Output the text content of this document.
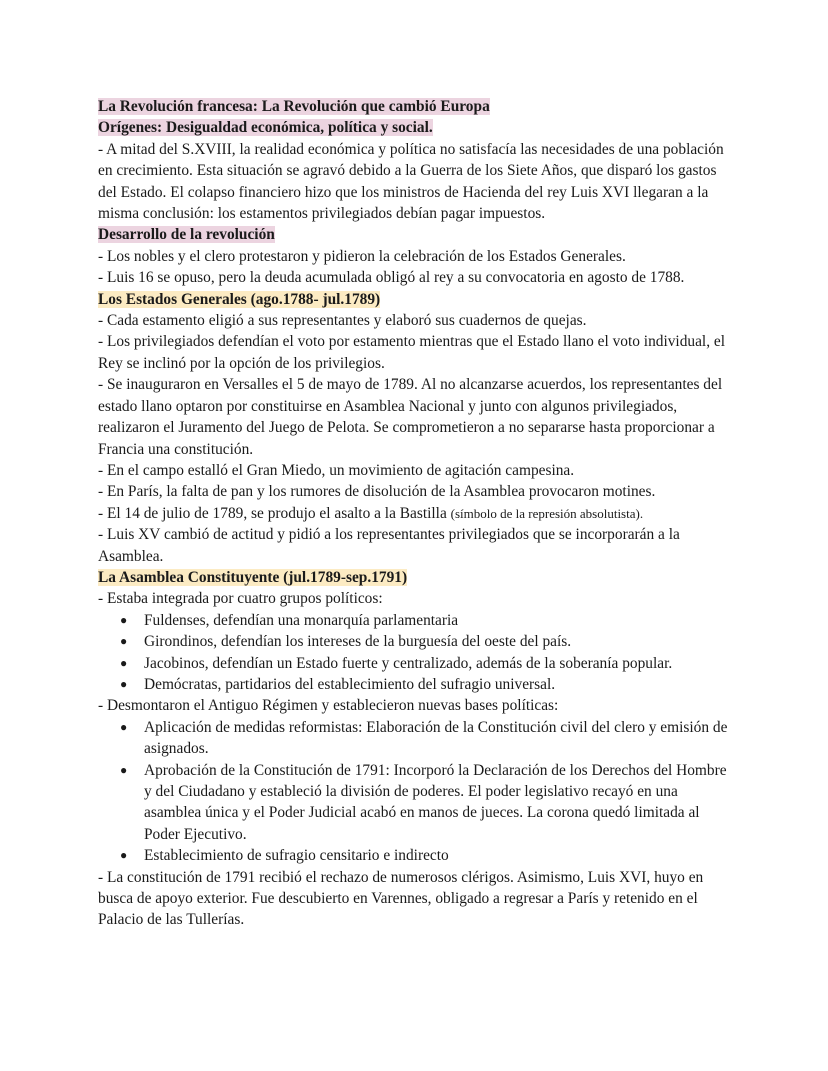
La Revolución francesa: La Revolución que cambió Europa

Orígenes: Desigualdad económica, política y social.

- A mitad del S.XVIII, la realidad económica y política no satisfacía las necesidades de una población en crecimiento. Esta situación se agravó debido a la Guerra de los Siete Años, que disparó los gastos del Estado. El colapso financiero hizo que los ministros de Hacienda del rey Luis XVI llegaran a la misma conclusión: los estamentos privilegiados debían pagar impuestos.

Desarrollo de la revolución

- Los nobles y el clero protestaron y pidieron la celebración de los Estados Generales.

- Luis 16 se opuso, pero la deuda acumulada obligó al rey a su convocatoria en agosto de 1788.

Los Estados Generales (ago.1788- jul.1789)

- Cada estamento eligió a sus representantes y elaboró sus cuadernos de quejas.

- Los privilegiados defendían el voto por estamento mientras que el Estado llano el voto individual, el Rey se inclinó por la opción de los privilegios.

- Se inauguraron en Versalles el 5 de mayo de 1789. Al no alcanzarse acuerdos, los representantes del estado llano optaron por constituirse en Asamblea Nacional y junto con algunos privilegiados, realizaron el Juramento del Juego de Pelota. Se comprometieron a no separarse hasta proporcionar a Francia una constitución.

- En el campo estalló el Gran Miedo, un movimiento de agitación campesina.

- En París, la falta de pan y los rumores de disolución de la Asamblea provocaron motines.

- El 14 de julio de 1789, se produjo el asalto a la Bastilla (símbolo de la represión absolutista).

- Luis XV cambió de actitud y pidió a los representantes privilegiados que se incorporarán a la Asamblea.

La Asamblea Constituyente (jul.1789-sep.1791)

- Estaba integrada por cuatro grupos políticos:

● Fuldenses, defendían una monarquía parlamentaria
● Girondinos, defendían los intereses de la burguesía del oeste del país.
● Jacobinos, defendían un Estado fuerte y centralizado, además de la soberanía popular.
● Demócratas, partidarios del establecimiento del sufragio universal.

- Desmontaron el Antiguo Régimen y establecieron nuevas bases políticas:

● Aplicación de medidas reformistas: Elaboración de la Constitución civil del clero y emisión de asignados.
● Aprobación de la Constitución de 1791: Incorporó la Declaración de los Derechos del Hombre y del Ciudadano y estableció la división de poderes. El poder legislativo recayó en una asamblea única y el Poder Judicial acabó en manos de jueces. La corona quedó limitada al Poder Ejecutivo.
● Establecimiento de sufragio censitario e indirecto

- La constitución de 1791 recibió el rechazo de numerosos clérigos. Asimismo, Luis XVI, huyo en busca de apoyo exterior. Fue descubierto en Varennes, obligado a regresar a París y retenido en el Palacio de las Tullerías.
